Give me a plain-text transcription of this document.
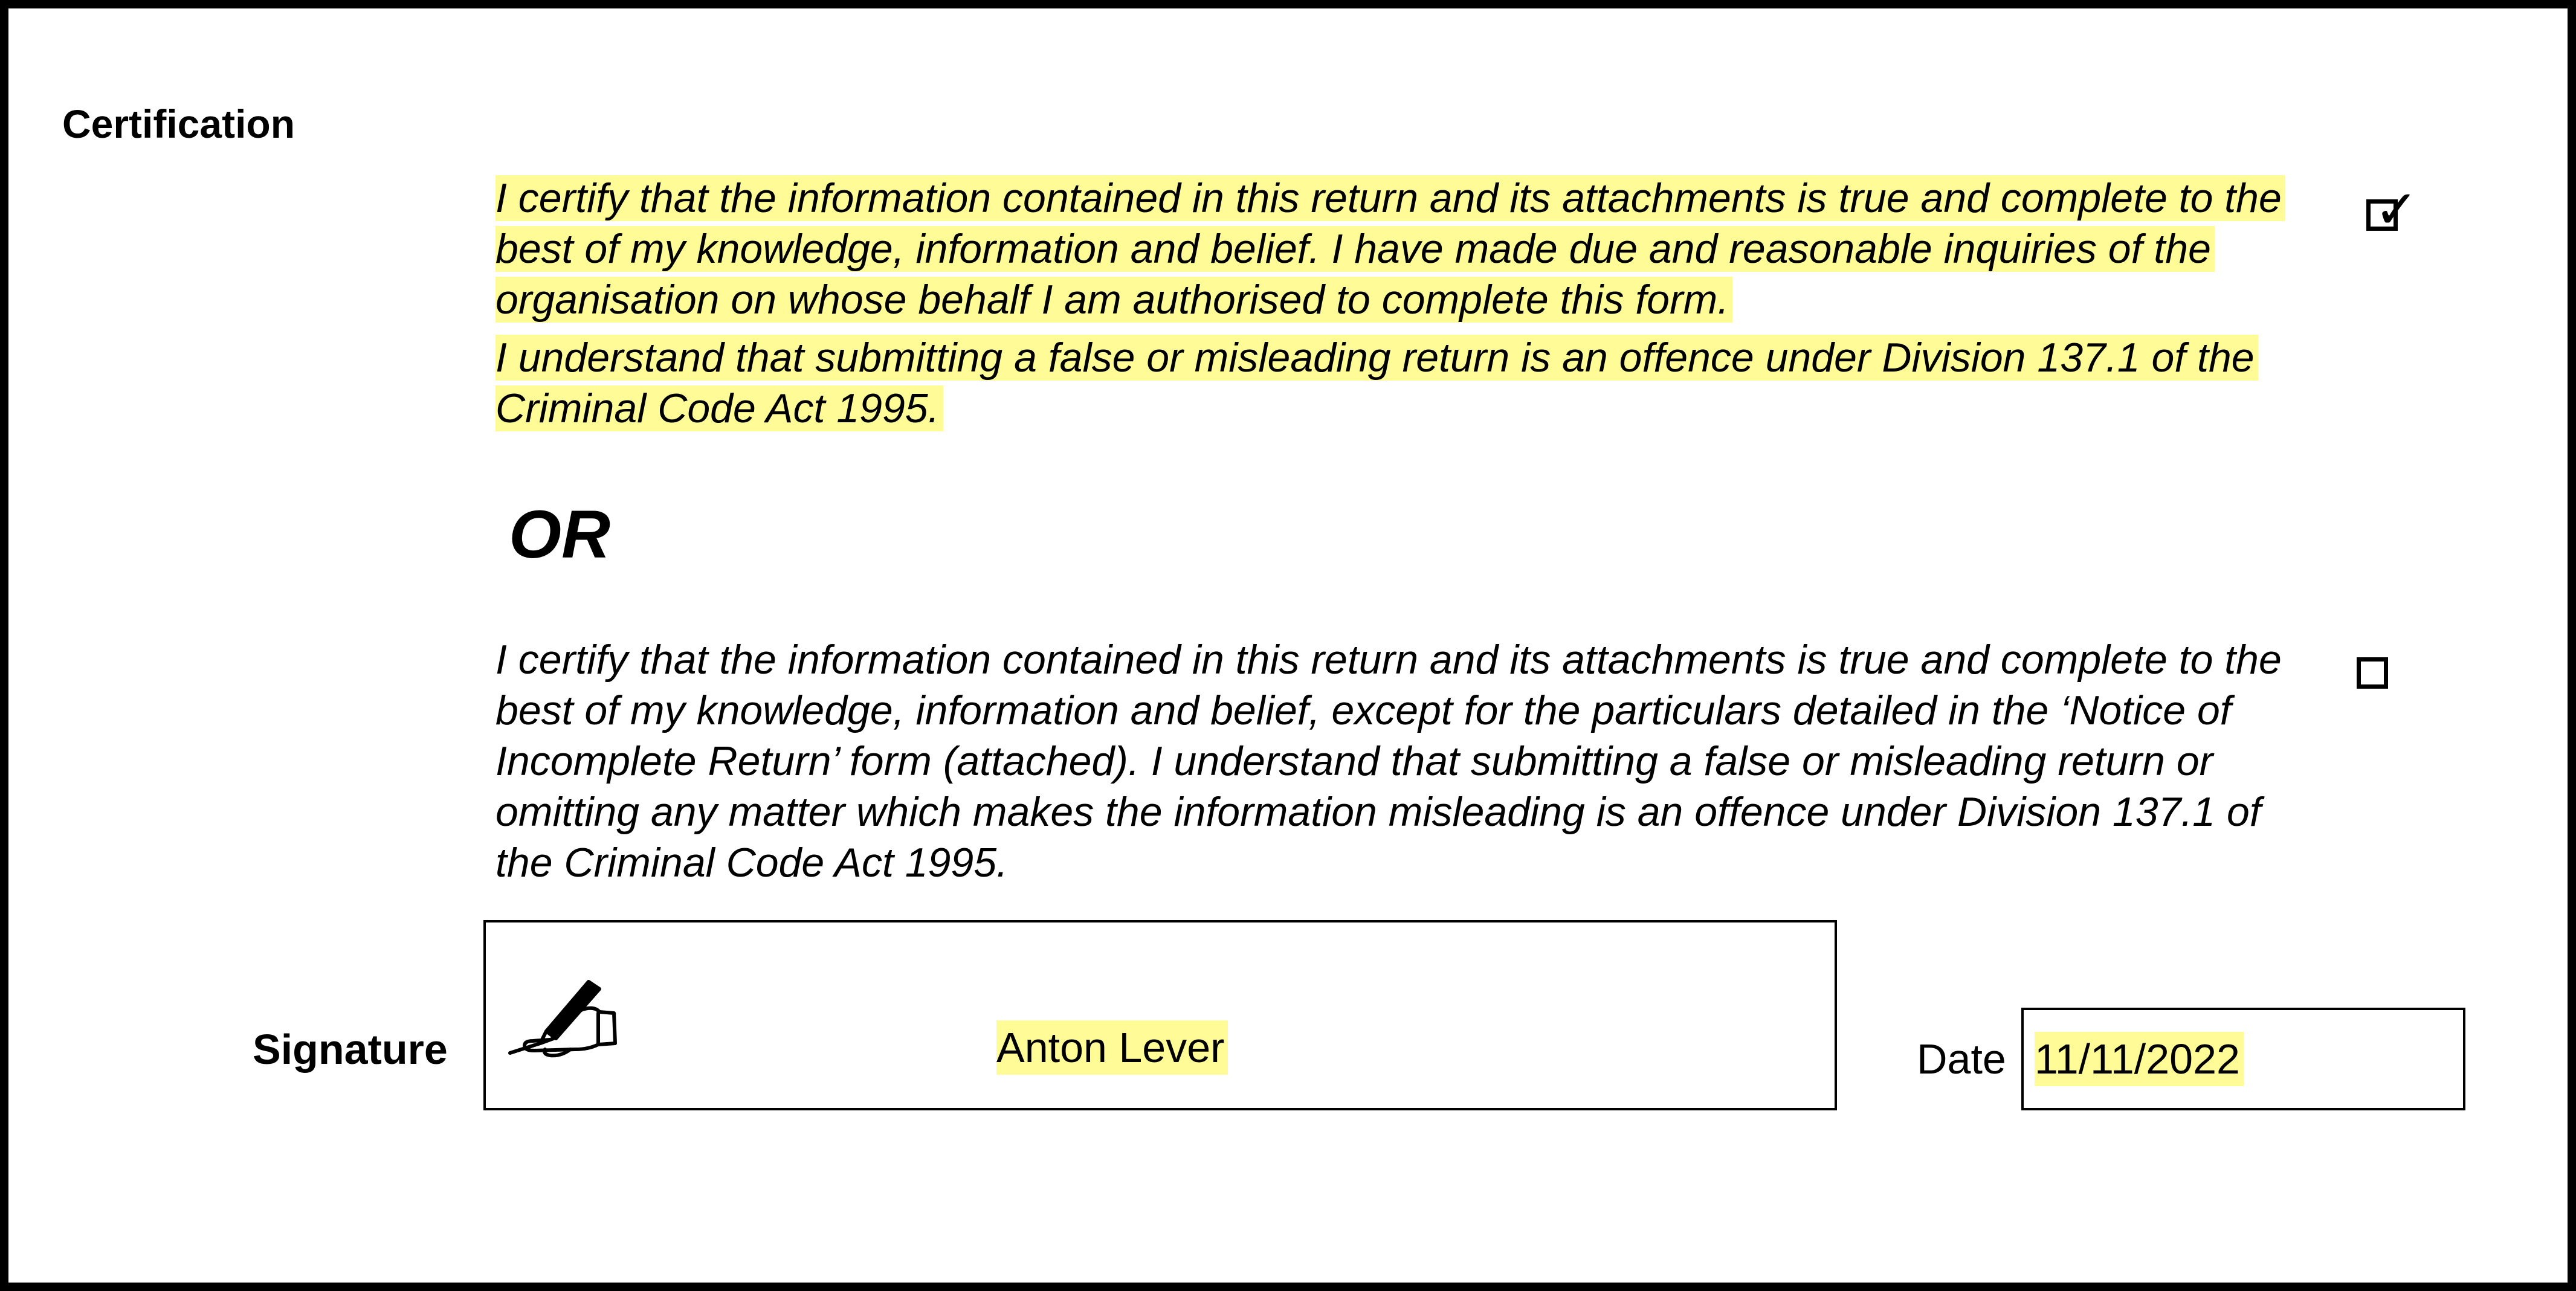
Certification

I certify that the information contained in this return and its attachments is true and complete to the best of my knowledge, information and belief. I have made due and reasonable inquiries of the organisation on whose behalf I am authorised to complete this form.

I understand that submitting a false or misleading return is an offence under Division 137.1 of the Criminal Code Act 1995.

✓
OR

I certify that the information contained in this return and its attachments is true and complete to the best of my knowledge, information and belief, except for the particulars detailed in the ‘Notice of Incomplete Return’ form (attached). I understand that submitting a false or misleading return or omitting any matter which makes the information misleading is an offence under Division 137.1 of the Criminal Code Act 1995.

Signature	Anton Lever	Date 11/11/2022
